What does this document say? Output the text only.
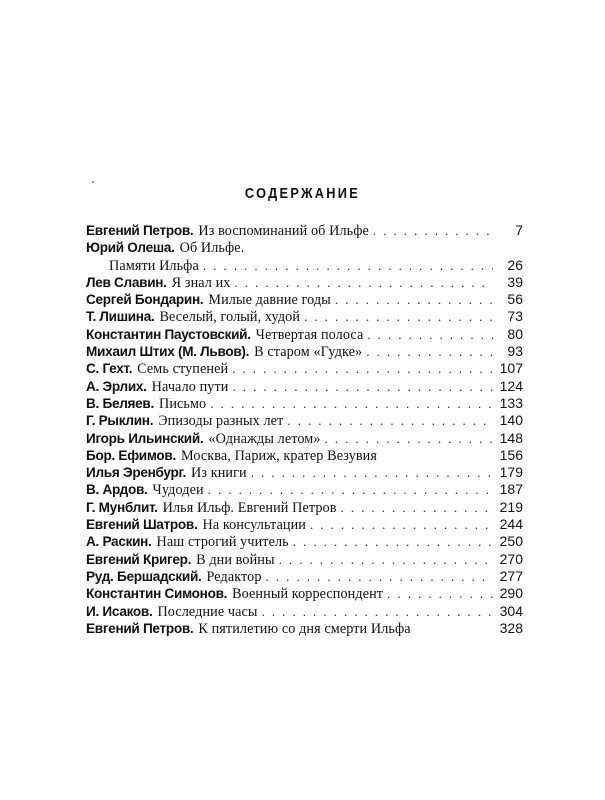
СОДЕРЖАНИЕ
Евгений Петров. Из воспоминаний об Ильфе . . .	7
Юрий Олеша. Об Ильфе.
Памяти Ильфа . . .	26
Лев Славин. Я знал их . . .	39
Сергей Бондарин. Милые давние годы . . .	56
Т. Лишина. Веселый, голый, худой . . .	73
Константин Паустовский. Четвертая полоса . . .	80
Михаил Штих (М. Львов). В старом «Гудке» . . .	93
С. Гехт. Семь ступеней . . .	107
А. Эрлих. Начало пути . . .	124
В. Беляев. Письмо . . .	133
Г. Рыклин. Эпизоды разных лет . . .	140
Игорь Ильинский. «Однажды летом» . . .	148
Бор. Ефимов. Москва, Париж, кратер Везувия	156
Илья Эренбург. Из книги . . .	179
В. Ардов. Чудодеи . . .	187
Г. Мунблит. Илья Ильф. Евгений Петров . . .	219
Евгений Шатров. На консультации . . .	244
А. Раскин. Наш строгий учитель . . .	250
Евгений Кригер. В дни войны . . .	270
Руд. Бершадский. Редактор . . .	277
Константин Симонов. Военный корреспондент . . .	290
И. Исаков. Последние часы . . .	304
Евгений Петров. К пятилетию со дня смерти Ильфа	328
